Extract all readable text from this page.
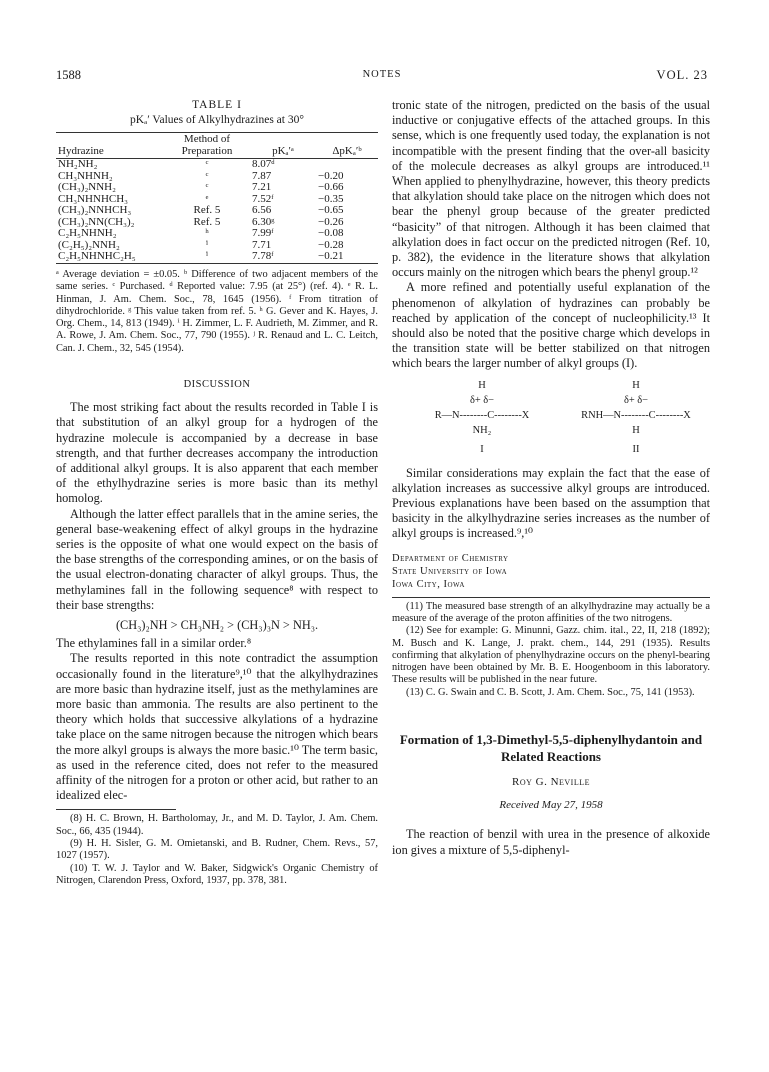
1588	NOTES	VOL. 23
TABLE I
pKₐ′ Values of Alkylhydrazines at 30°
Hydrazine	Method of Preparation	pKₐ′ᵃ	ΔpKₐ′ᵇ
NH₂NH₂	ᶜ	8.07ᵈ	
CH₃NHNH₂	ᶜ	7.87	−0.20
(CH₃)₂NNH₂	ᶜ	7.21	−0.66
CH₃NHNHCH₃	ᵉ	7.52ᶠ	−0.35
(CH₃)₂NNHCH₃	Ref. 5	6.56	−0.65
(CH₃)₂NN(CH₃)₂	Ref. 5	6.30ᵍ	−0.26
C₂H₅NHNH₂	ʰ	7.99ᶠ	−0.08
(C₂H₅)₂NNH₂	ⁱ	7.71	−0.28
C₂H₅NHNHC₂H₅	ⁱ	7.78ᶠ	−0.21

ᵃ Average deviation = ±0.05. ᵇ Difference of two adjacent members of the same series. ᶜ Purchased. ᵈ Reported value: 7.95 (at 25°) (ref. 4). ᵉ R. L. Hinman, J. Am. Chem. Soc., 78, 1645 (1956). ᶠ From titration of dihydrochloride. ᵍ This value taken from ref. 5. ʰ G. Gever and K. Hayes, J. Org. Chem., 14, 813 (1949). ⁱ H. Zimmer, L. F. Audrieth, M. Zimmer, and R. A. Rowe, J. Am. Chem. Soc., 77, 790 (1955). ʲ R. Renaud and L. C. Leitch, Can. J. Chem., 32, 545 (1954).

DISCUSSION

The most striking fact about the results recorded in Table I is that substitution of an alkyl group for a hydrogen of the hydrazine molecule is accompanied by a decrease in base strength, and that further decreases accompany the introduction of additional alkyl groups. It is also apparent that each member of the ethylhydrazine series is more basic than its methyl homolog.

Although the latter effect parallels that in the amine series, the general base-weakening effect of alkyl groups in the hydrazine series is the opposite of what one would expect on the basis of the base strengths of the corresponding amines, or on the basis of the usual electron-donating character of alkyl groups. Thus, the methylamines fall in the following sequence⁸ with respect to their base strengths:

(CH₃)₂NH > CH₃NH₂ > (CH₃)₃N > NH₃.

The ethylamines fall in a similar order.⁸

The results reported in this note contradict the assumption occasionally found in the literature⁹,¹⁰ that the alkylhydrazines are more basic than hydrazine itself, just as the methylamines are more basic than ammonia. The results are also pertinent to the theory which holds that successive alkylations of a hydrazine take place on the same nitrogen because the nitrogen which bears the more alkyl groups is always the more basic.¹⁰ The term basic, as used in the reference cited, does not refer to the measured affinity of the nitrogen for a proton or other acid, but rather to an idealized elec-

(8) H. C. Brown, H. Bartholomay, Jr., and M. D. Taylor, J. Am. Chem. Soc., 66, 435 (1944).

(9) H. H. Sisler, G. M. Omietanski, and B. Rudner, Chem. Revs., 57, 1027 (1957).

(10) T. W. J. Taylor and W. Baker, Sidgwick's Organic Chemistry of Nitrogen, Clarendon Press, Oxford, 1937, pp. 378, 381.

tronic state of the nitrogen, predicted on the basis of the usual inductive or conjugative effects of the attached groups. In this sense, which is one frequently used today, the explanation is not incompatible with the present finding that the over-all basicity of the molecule decreases as alkyl groups are introduced.¹¹ When applied to phenylhydrazine, however, this theory predicts that alkylation should take place on the nitrogen which does not bear the phenyl group because of the greater predicted “basicity” of that nitrogen. Although it has been claimed that alkylation does in fact occur on the predicted nitrogen (Ref. 10, p. 382), the evidence in the literature shows that alkylation occurs mainly on the nitrogen which bears the phenyl group.¹²

A more refined and potentially useful explanation of the phenomenon of alkylation of hydrazines can probably be reached by application of the concept of nucleophilicity.¹³ It should also be noted that the positive charge which develops in the transition state will be better stabilized on that nitrogen which bears the larger number of alkyl groups (I).

H
δ+ δ−
R—N--------C--------X
NH₂
I
H
δ+ δ−
RNH—N--------C--------X
H
II

Similar considerations may explain the fact that the ease of alkylation increases as successive alkyl groups are introduced. Previous explanations have been based on the assumption that basicity in the alkylhydrazine series increases as the number of alkyl groups is increased.⁹,¹⁰

Department of Chemistry
State University of Iowa
Iowa City, Iowa

(11) The measured base strength of an alkylhydrazine may actually be a measure of the average of the proton affinities of the two nitrogens.

(12) See for example: G. Minunni, Gazz. chim. ital., 22, II, 218 (1892); M. Busch and K. Lange, J. prakt. chem., 144, 291 (1935). Results confirming that alkylation of phenylhydrazine occurs on the phenyl-bearing nitrogen have been obtained by Mr. B. E. Hoogenboom in this laboratory. These results will be published in the near future.

(13) C. G. Swain and C. B. Scott, J. Am. Chem. Soc., 75, 141 (1953).

Formation of 1,3-Dimethyl-5,5-diphenylhydantoin and Related Reactions
Roy G. Neville
Received May 27, 1958

The reaction of benzil with urea in the presence of alkoxide ion gives a mixture of 5,5-diphenyl-
